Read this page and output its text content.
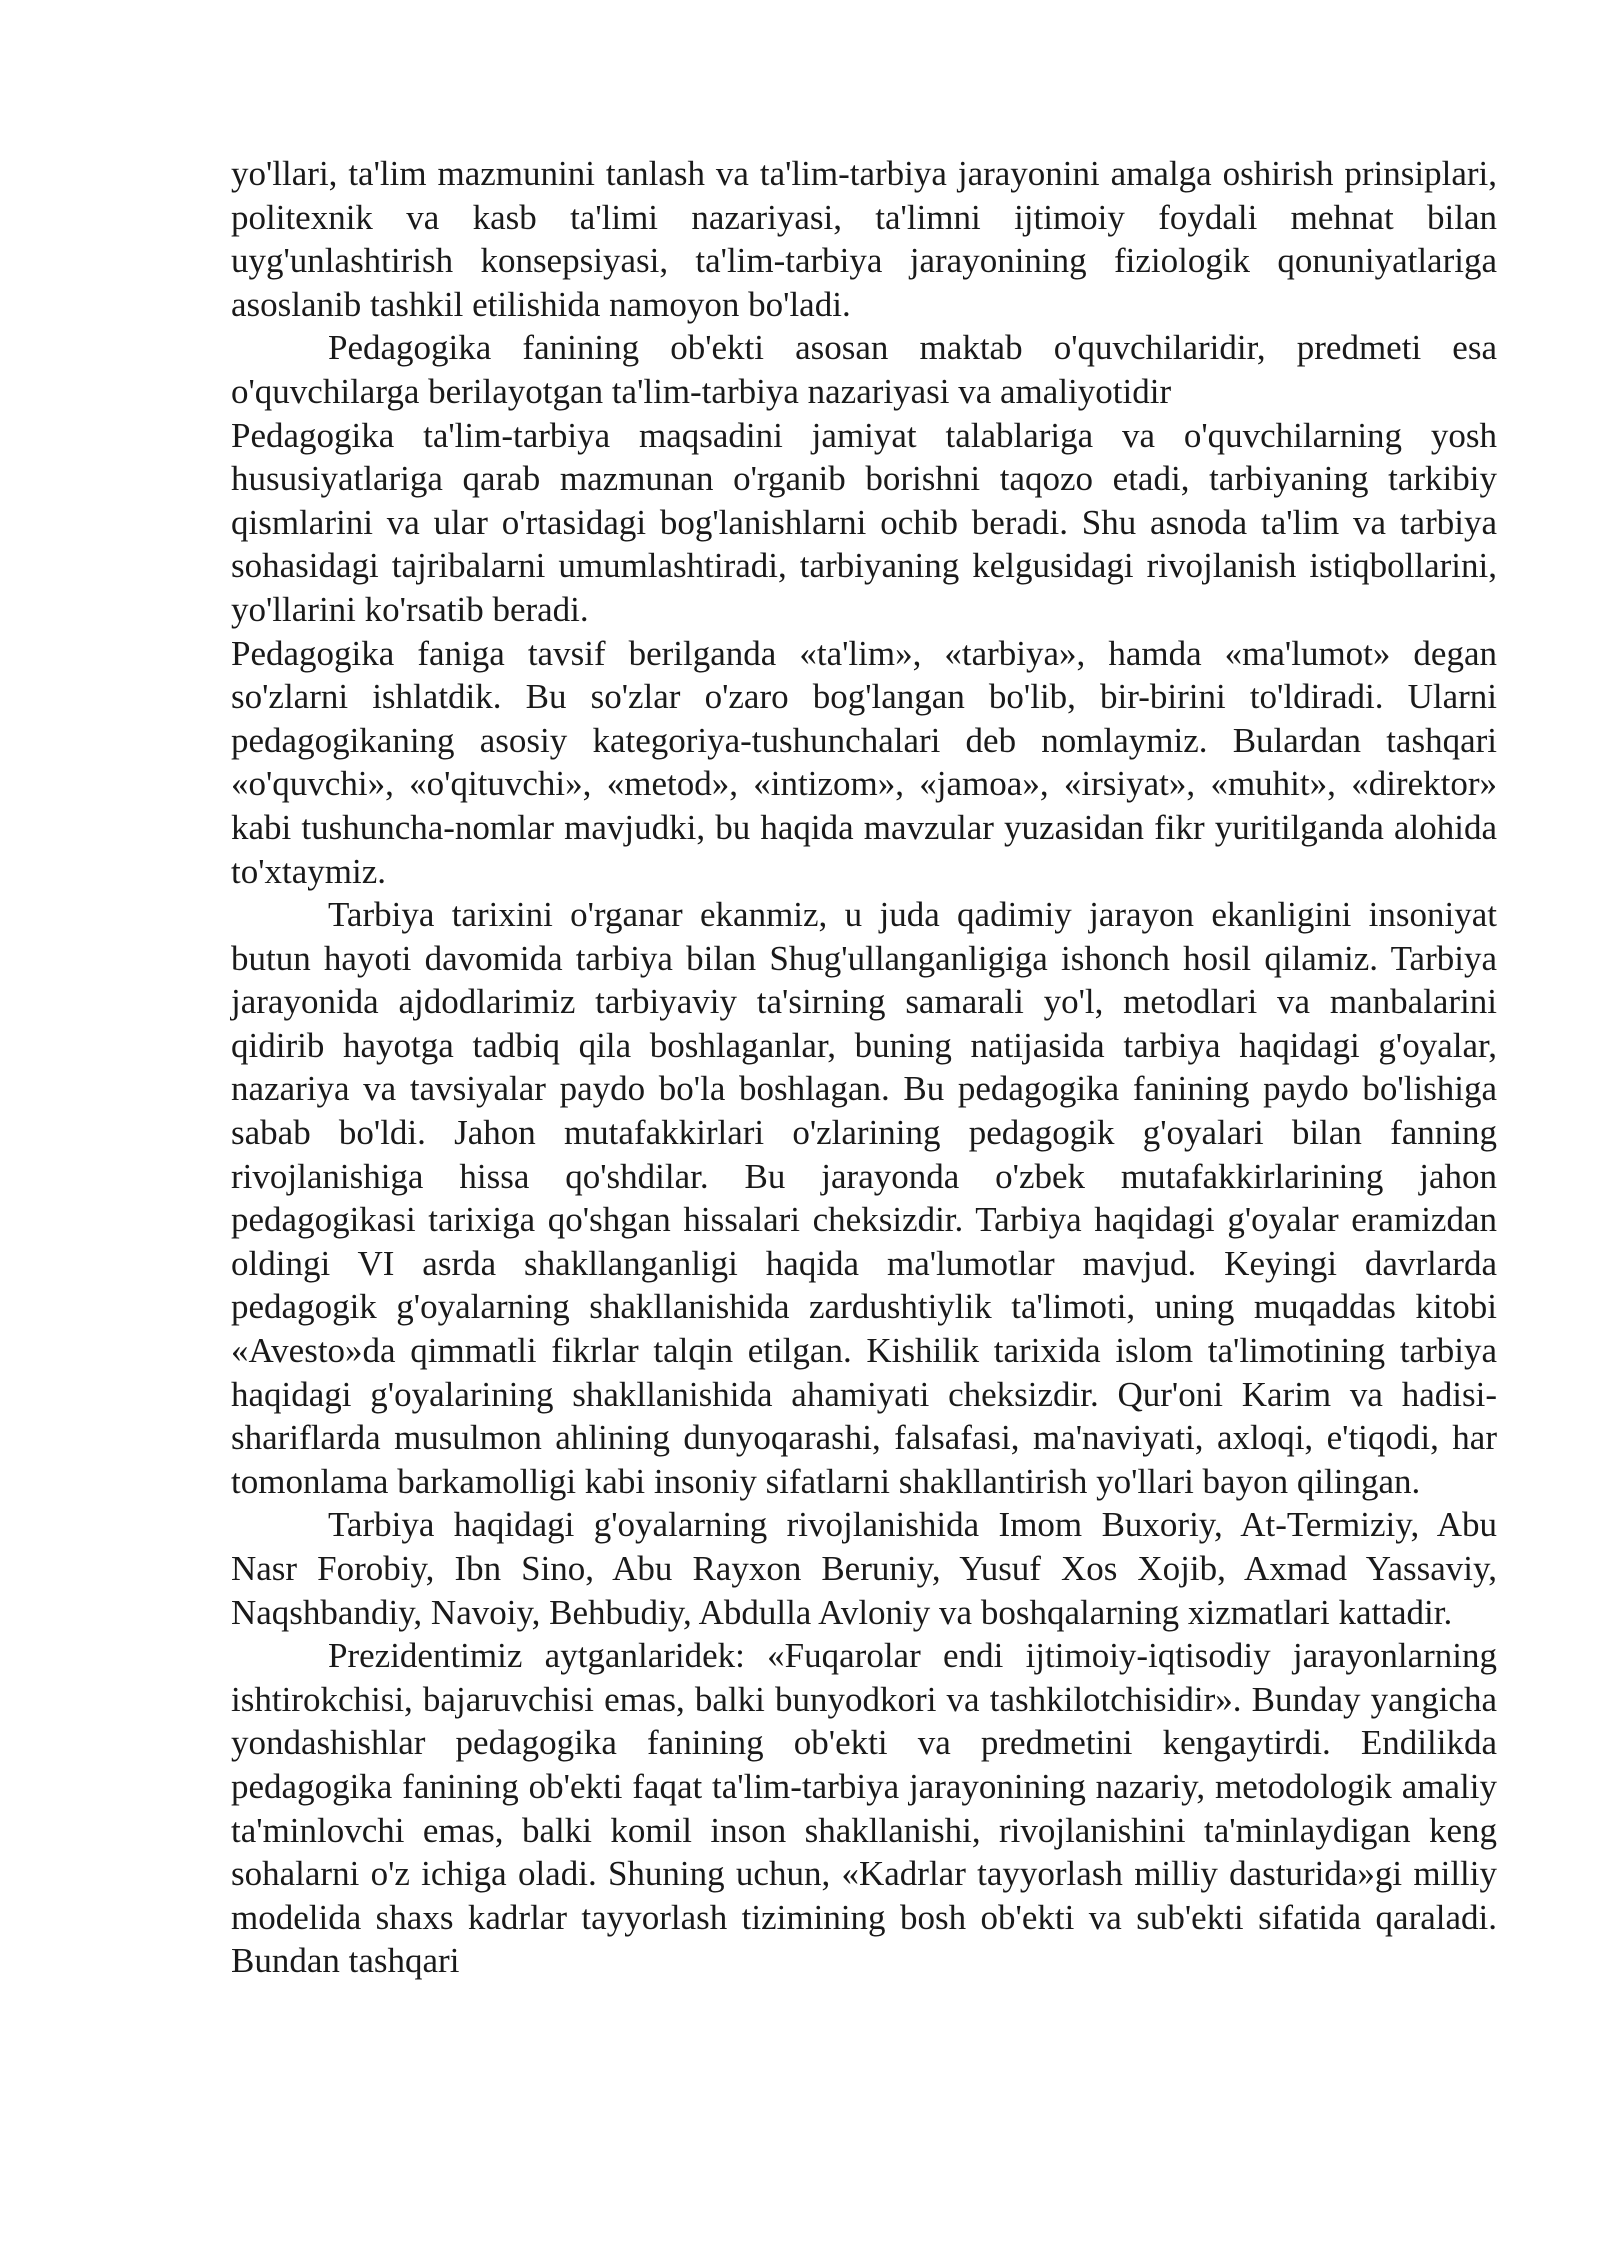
yo'llari, ta'lim mazmunini tanlash va ta'lim-tarbiya jarayonini amalga oshirish prinsiplari, politexnik va kasb ta'limi nazariyasi, ta'limni ijtimoiy foydali mehnat bilan uyg'unlashtirish konsepsiyasi, ta'lim-tarbiya jarayonining fiziologik qonuniyatlariga asoslanib tashkil etilishida namoyon bo'ladi.

Pedagogika fanining ob'ekti asosan maktab o'quvchilaridir, predmeti esa o'quvchilarga berilayotgan ta'lim-tarbiya nazariyasi va amaliyotidir

Pedagogika ta'lim-tarbiya maqsadini jamiyat talablariga va o'quvchilarning yosh hususiyatlariga qarab mazmunan o'rganib borishni taqozo etadi, tarbiyaning tarkibiy qismlarini va ular o'rtasidagi bog'lanishlarni ochib beradi. Shu asnoda ta'lim va tarbiya sohasidagi tajribalarni umumlashtiradi, tarbiyaning kelgusidagi rivojlanish istiqbollarini, yo'llarini ko'rsatib beradi.

Pedagogika faniga tavsif berilganda «ta'lim», «tarbiya», hamda «ma'lumot» degan so'zlarni ishlatdik. Bu so'zlar o'zaro bog'langan bo'lib, bir-birini to'ldiradi. Ularni pedagogikaning asosiy kategoriya-tushunchalari deb nomlaymiz. Bulardan tashqari «o'quvchi», «o'qituvchi», «metod», «intizom», «jamoa», «irsiyat», «muhit», «direktor» kabi tushuncha-nomlar mavjudki, bu haqida mavzular yuzasidan fikr yuritilganda alohida to'xtaymiz.

Tarbiya tarixini o'rganar ekanmiz, u juda qadimiy jarayon ekanligini insoniyat butun hayoti davomida tarbiya bilan Shug'ullanganligiga ishonch hosil qilamiz. Tarbiya jarayonida ajdodlarimiz tarbiyaviy ta'sirning samarali yo'l, metodlari va manbalarini qidirib hayotga tadbiq qila boshlaganlar, buning natijasida tarbiya haqidagi g'oyalar, nazariya va tavsiyalar paydo bo'la boshlagan. Bu pedagogika fanining paydo bo'lishiga sabab bo'ldi. Jahon mutafakkirlari o'zlarining pedagogik g'oyalari bilan fanning rivojlanishiga hissa qo'shdilar. Bu jarayonda o'zbek mutafakkirlarining jahon pedagogikasi tarixiga qo'shgan hissalari cheksizdir. Tarbiya haqidagi g'oyalar eramizdan oldingi VI asrda shakllanganligi haqida ma'lumotlar mavjud. Keyingi davrlarda pedagogik g'oyalarning shakllanishida zardushtiylik ta'limoti, uning muqaddas kitobi «Avesto»da qimmatli fikrlar talqin etilgan. Kishilik tarixida islom ta'limotining tarbiya haqidagi g'oyalarining shakllanishida ahamiyati cheksizdir. Qur'oni Karim va hadisi-shariflarda musulmon ahlining dunyoqarashi, falsafasi, ma'naviyati, axloqi, e'tiqodi, har tomonlama barkamolligi kabi insoniy sifatlarni shakllantirish yo'llari bayon qilingan.

Tarbiya haqidagi g'oyalarning rivojlanishida Imom Buxoriy, At-Termiziy, Abu Nasr Forobiy, Ibn Sino, Abu Rayxon Beruniy, Yusuf Xos Xojib, Axmad Yassaviy, Naqshbandiy, Navoiy, Behbudiy, Abdulla Avloniy va boshqalarning xizmatlari kattadir.

Prezidentimiz aytganlaridek: «Fuqarolar endi ijtimoiy-iqtisodiy jarayonlarning ishtirokchisi, bajaruvchisi emas, balki bunyodkori va tashkilotchisidir». Bunday yangicha yondashishlar pedagogika fanining ob'ekti va predmetini kengaytirdi. Endilikda pedagogika fanining ob'ekti faqat ta'lim-tarbiya jarayonining nazariy, metodologik amaliy ta'minlovchi emas, balki komil inson shakllanishi, rivojlanishini ta'minlaydigan keng sohalarni o'z ichiga oladi. Shuning uchun, «Kadrlar tayyorlash milliy dasturida»gi milliy modelida shaxs kadrlar tayyorlash tizimining bosh ob'ekti va sub'ekti sifatida qaraladi. Bundan tashqari
